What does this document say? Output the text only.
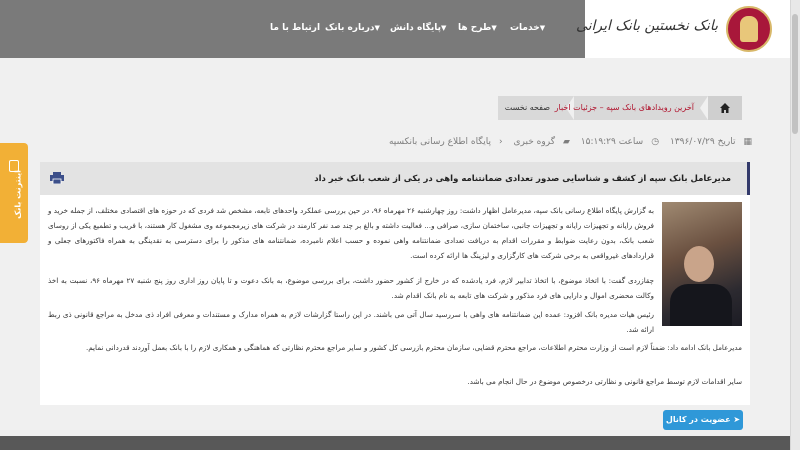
ارتباط با ما	▼درباره بانک	▼پایگاه دانش	▼طرح ها	▼خدمات	بانک نخستین بانک ایرانی
صفحه نخست آخرین رویدادهای بانک سپه – جزئیات اخبار
▦تاریخ ۱۳۹۶/۰۷/۲۹ ◷ساعت ۱۵:۱۹:۲۹ ▰گروه خبری ‹پایگاه اطلاع رسانی بانکسپه
مدیرعامل بانک سپه از کشف و شناسایی صدور تعدادی ضمانتنامه واهی در یکی از شعب بانک خبر داد
به گزارش پایگاه اطلاع رسانی بانک سپه، مدیرعامل اظهار داشت: روز چهارشنبه ۲۶ مهرماه ۹۶، در حین بررسی عملکرد واحدهای تابعه، مشخص شد فردی که در حوزه های اقتصادی مختلف، از جمله خرید و فروش رایانه و تجهیزات رایانه و تجهیزات جانبی، ساختمان سازی، صرافی و... فعالیت داشته و بالغ بر چند صد نفر کارمند در شرکت های زیرمجموعه وی مشغول کار هستند، با فریب و تطمیع یکی از روسای شعب بانک، بدون رعایت ضوابط و مقررات اقدام به دریافت تعدادی ضمانتنامه واهی نموده و حسب اعلام نامبرده، ضمانتنامه های مذکور را برای دسترسی به نقدینگی به همراه فاکتورهای جعلی و قراردادهای غیرواقعی به برخی شرکت های کارگزاری و لیزینگ ها ارائه کرده است.
چقازردی گفت: با اتخاذ موضوع، با اتخاذ تدابیر لازم، فرد یادشده که در خارج از کشور حضور داشت، برای بررسی موضوع، به بانک دعوت و تا پایان روز اداری روز پنج شنبه ۲۷ مهرماه ۹۶، نسبت به اخذ وکالت محضری اموال و دارایی های فرد مذکور و شرکت های تابعه به نام بانک اقدام شد.
رئیس هیات مدیره بانک افزود: عمده این ضمانتنامه های واهی با سررسید سال آتی می باشند. در این راستا گزارشات لازم به همراه مدارک و مستندات و معرفی افراد ذی مدخل به مراجع قانونی ذی ربط ارائه شد.
مدیرعامل بانک ادامه داد: ضمناً لازم است از وزارت محترم اطلاعات، مراجع محترم قضایی، سازمان محترم بازرسی کل کشور و سایر مراجع محترم نظارتی که هماهنگی و همکاری لازم را با بانک بعمل آوردند قدردانی نمایم.
سایر اقدامات لازم توسط مراجع قانونی و نظارتی درخصوص موضوع در حال انجام می باشد.
➤ عضویت در کانال
اینترنت بانک
